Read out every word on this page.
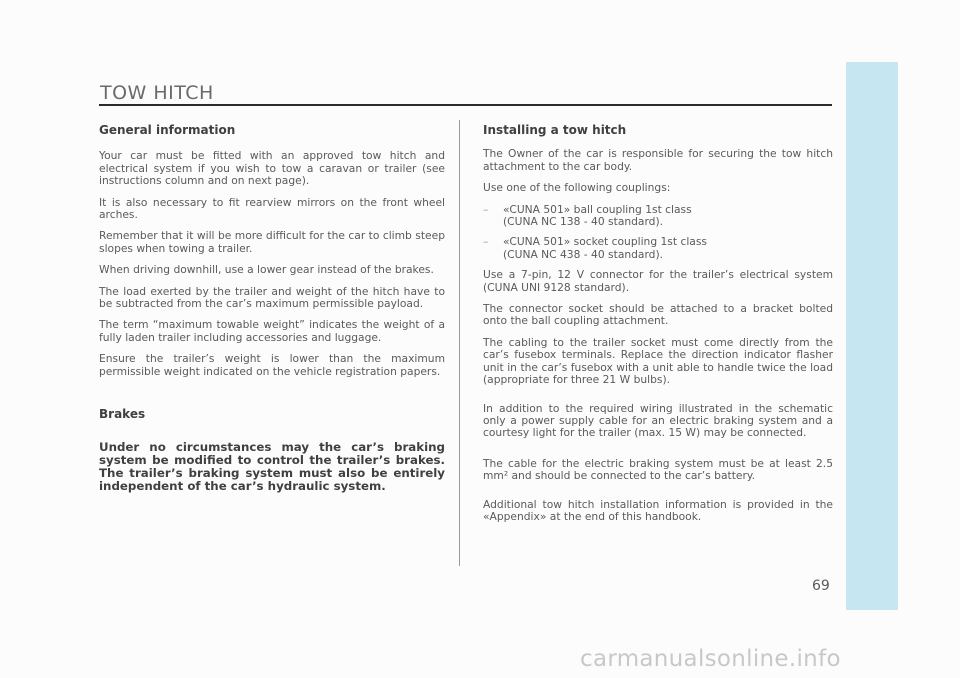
TOW HITCH
General information

Your car must be fitted with an approved tow hitch and electrical system if you wish to tow a caravan or trailer (see instructions column and on next page).

It is also necessary to fit rearview mirrors on the front wheel arches.

Remember that it will be more difficult for the car to climb steep slopes when towing a trailer.

When driving downhill, use a lower gear instead of the brakes.

The load exerted by the trailer and weight of the hitch have to be subtracted from the car’s maximum permissible payload.

The term “maximum towable weight” indicates the weight of a fully laden trailer including accessories and luggage.

Ensure the trailer’s weight is lower than the maximum permissible weight indicated on the vehicle registration papers.

Brakes

Under no circumstances may the car’s braking system be modified to control the trailer’s brakes. The trailer’s braking system must also be entirely independent of the car’s hydraulic system.

Installing a tow hitch

The Owner of the car is responsible for securing the tow hitch attachment to the car body.

Use one of the following couplings:

–	«CUNA 501» ball coupling 1st class
(CUNA NC 138 - 40 standard).
–	«CUNA 501» socket coupling 1st class
(CUNA NC 438 - 40 standard).

Use a 7-pin, 12 V connector for the trailer’s electrical system (CUNA UNI 9128 standard).

The connector socket should be attached to a bracket bolted onto the ball coupling attachment.

The cabling to the trailer socket must come directly from the car’s fusebox terminals. Replace the direction indicator flasher unit in the car’s fusebox with a unit able to handle twice the load (appropriate for three 21 W bulbs).

In addition to the required wiring illustrated in the schematic only a power supply cable for an electric braking system and a courtesy light for the trailer (max. 15 W) may be connected.

The cable for the electric braking system must be at least 2.5 mm² and should be connected to the car’s battery.

Additional tow hitch installation information is provided in the «Appendix» at the end of this handbook.

69
carmanualsonline.info
